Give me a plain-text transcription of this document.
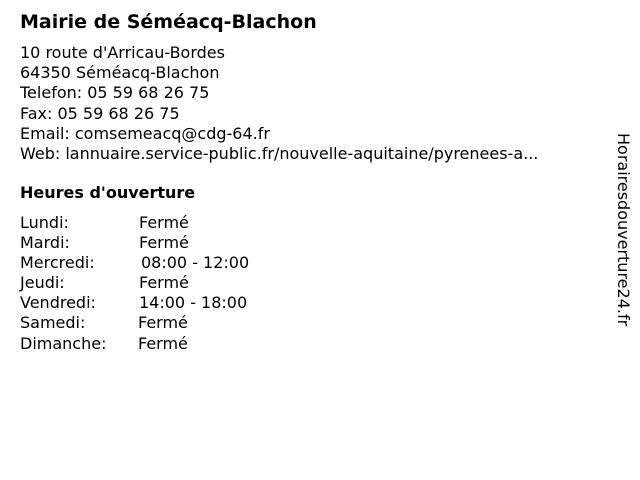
Mairie de Séméacq-Blachon
10 route d'Arricau-Bordes
64350 Séméacq-Blachon
Telefon: 05 59 68 26 75
Fax: 05 59 68 26 75
Email: comsemeacq@cdg-64.fr
Web: lannuaire.service-public.fr/nouvelle-aquitaine/pyrenees-a...
Heures d'ouverture
Lundi:	Fermé
Mardi:	Fermé
Mercredi:	08:00 - 12:00
Jeudi:	Fermé
Vendredi:	14:00 - 18:00
Samedi:	Fermé
Dimanche: Fermé
Horairesdouverture24.fr
